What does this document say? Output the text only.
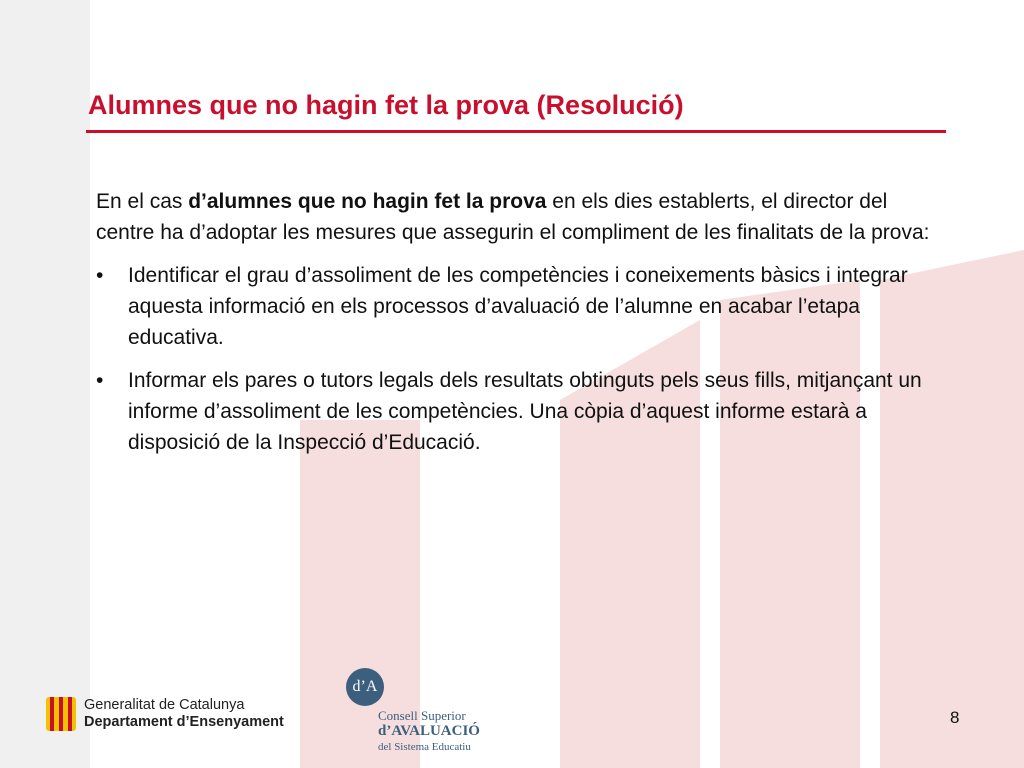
Alumnes que no hagin fet la prova (Resolució)

En el cas d’alumnes que no hagin fet la prova en els dies establerts, el director del centre ha d’adoptar les mesures que assegurin el compliment de les finalitats de la prova:

• Identificar el grau d’assoliment de les competències i coneixements bàsics i integrar aquesta informació en els processos d’avaluació de l’alumne en acabar l’etapa educativa.
• Informar els pares o tutors legals dels resultats obtinguts pels seus fills, mitjançant un informe d’assoliment de les competències. Una còpia d’aquest informe estarà a disposició de la Inspecció d’Educació.
Generalitat de Catalunya
Departament d’Ensenyament
d’A
Consell Superior
d’AVALUACIÓ
del Sistema Educatiu
8
